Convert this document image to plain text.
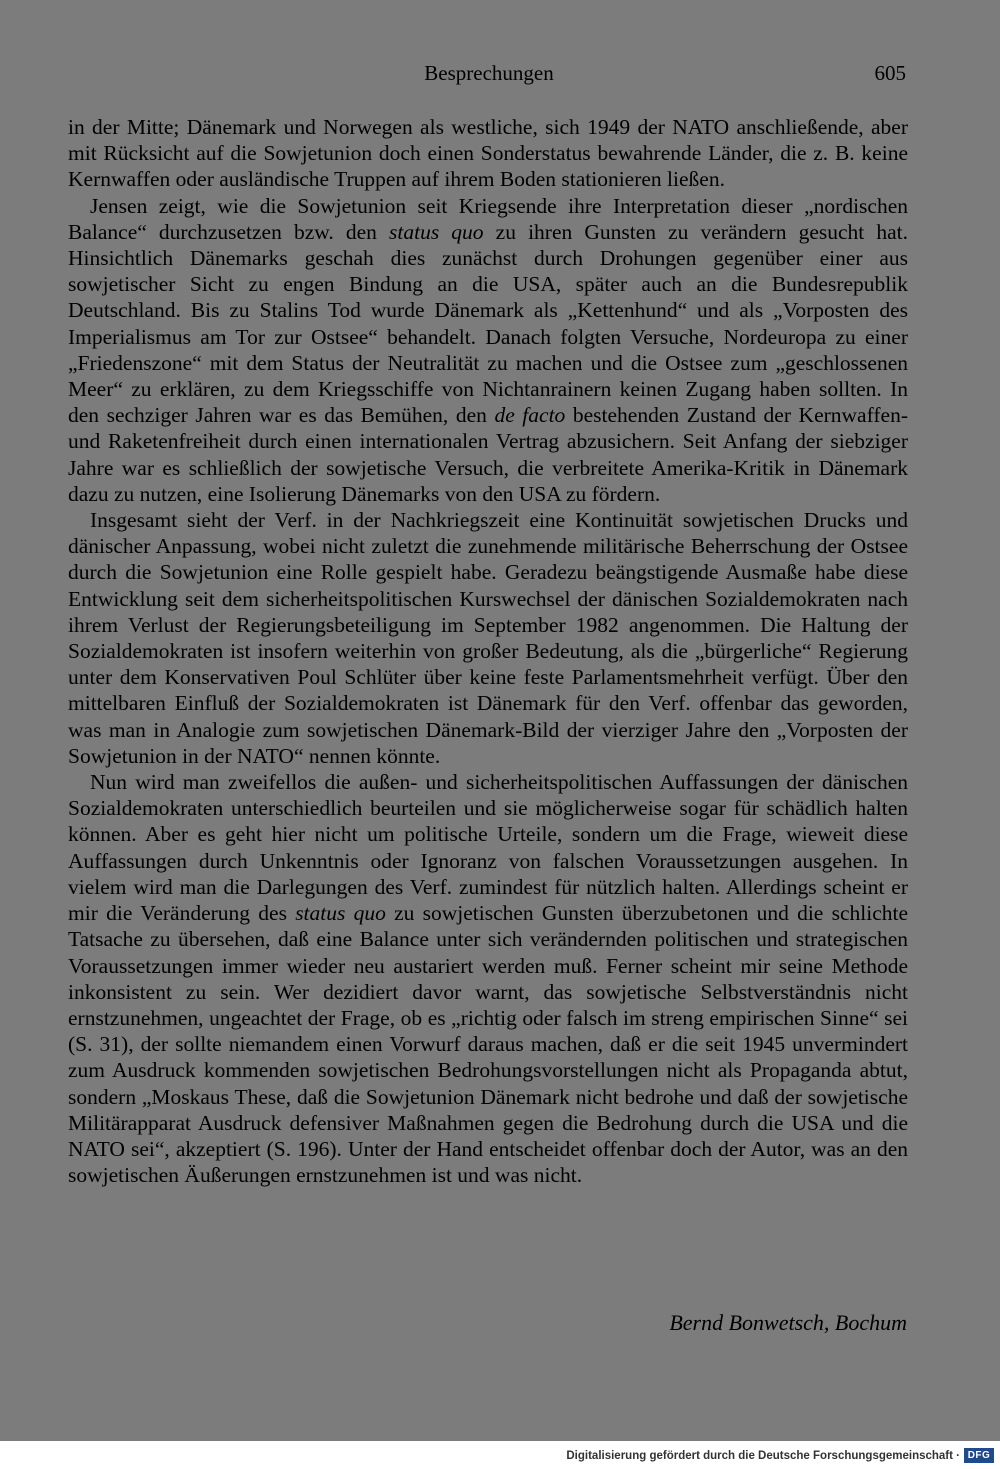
Besprechungen	605

in der Mitte; Dänemark und Norwegen als westliche, sich 1949 der NATO anschließende, aber mit Rücksicht auf die Sowjetunion doch einen Sonderstatus bewahrende Länder, die z. B. keine Kernwaffen oder ausländische Truppen auf ihrem Boden stationieren ließen.

Jensen zeigt, wie die Sowjetunion seit Kriegsende ihre Interpretation dieser „nordischen Balance“ durchzusetzen bzw. den status quo zu ihren Gunsten zu verändern gesucht hat. Hinsichtlich Dänemarks geschah dies zunächst durch Drohungen gegenüber einer aus sowjetischer Sicht zu engen Bindung an die USA, später auch an die Bundesrepublik Deutschland. Bis zu Stalins Tod wurde Dänemark als „Kettenhund“ und als „Vorposten des Imperialismus am Tor zur Ostsee“ behandelt. Danach folgten Versuche, Nordeuropa zu einer „Friedenszone“ mit dem Status der Neutralität zu machen und die Ostsee zum „geschlossenen Meer“ zu erklären, zu dem Kriegsschiffe von Nichtanrainern keinen Zugang haben sollten. In den sechziger Jahren war es das Bemühen, den de facto bestehenden Zustand der Kernwaffen- und Raketenfreiheit durch einen internationalen Vertrag abzusichern. Seit Anfang der siebziger Jahre war es schließlich der sowjetische Versuch, die verbreitete Amerika-Kritik in Dänemark dazu zu nutzen, eine Isolierung Dänemarks von den USA zu fördern.

Insgesamt sieht der Verf. in der Nachkriegszeit eine Kontinuität sowjetischen Drucks und dänischer Anpassung, wobei nicht zuletzt die zunehmende militärische Beherrschung der Ostsee durch die Sowjetunion eine Rolle gespielt habe. Geradezu beängstigende Ausmaße habe diese Entwicklung seit dem sicherheitspolitischen Kurswechsel der dänischen Sozialdemokraten nach ihrem Verlust der Regierungsbeteiligung im September 1982 angenommen. Die Haltung der Sozialdemokraten ist insofern weiterhin von großer Bedeutung, als die „bürgerliche“ Regierung unter dem Konservativen Poul Schlüter über keine feste Parlamentsmehrheit verfügt. Über den mittelbaren Einfluß der Sozialdemokraten ist Dänemark für den Verf. offenbar das geworden, was man in Analogie zum sowjetischen Dänemark-Bild der vierziger Jahre den „Vorposten der Sowjetunion in der NATO“ nennen könnte.

Nun wird man zweifellos die außen- und sicherheitspolitischen Auffassungen der dänischen Sozialdemokraten unterschiedlich beurteilen und sie möglicherweise sogar für schädlich halten können. Aber es geht hier nicht um politische Urteile, sondern um die Frage, wieweit diese Auffassungen durch Unkenntnis oder Ignoranz von falschen Voraussetzungen ausgehen. In vielem wird man die Darlegungen des Verf. zumindest für nützlich halten. Allerdings scheint er mir die Veränderung des status quo zu sowjetischen Gunsten überzubetonen und die schlichte Tatsache zu übersehen, daß eine Balance unter sich verändernden politischen und strategischen Voraussetzungen immer wieder neu austariert werden muß. Ferner scheint mir seine Methode inkonsistent zu sein. Wer dezidiert davor warnt, das sowjetische Selbstverständnis nicht ernstzunehmen, ungeachtet der Frage, ob es „richtig oder falsch im streng empirischen Sinne“ sei (S. 31), der sollte niemandem einen Vorwurf daraus machen, daß er die seit 1945 unvermindert zum Ausdruck kommenden sowjetischen Bedrohungsvorstellungen nicht als Propaganda abtut, sondern „Moskaus These, daß die Sowjetunion Dänemark nicht bedrohe und daß der sowjetische Militärapparat Ausdruck defensiver Maßnahmen gegen die Bedrohung durch die USA und die NATO sei“, akzeptiert (S. 196). Unter der Hand entscheidet offenbar doch der Autor, was an den sowjetischen Äußerungen ernstzunehmen ist und was nicht.

Bernd Bonwetsch, Bochum
Digitalisierung gefördert durch die Deutsche Forschungsgemeinschaft · DFG
